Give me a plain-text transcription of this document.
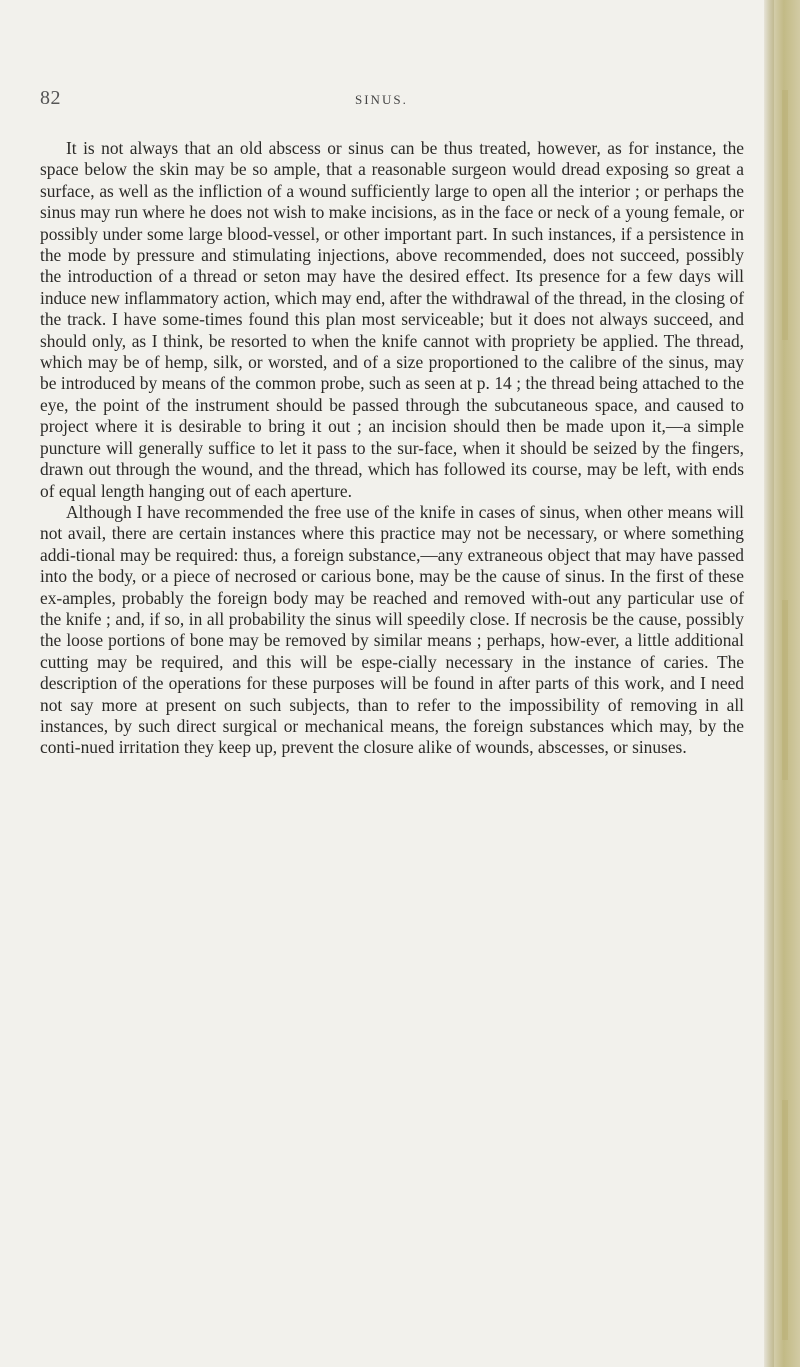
82	SINUS.

It is not always that an old abscess or sinus can be thus treated, however, as for instance, the space below the skin may be so ample, that a reasonable surgeon would dread exposing so great a surface, as well as the infliction of a wound sufficiently large to open all the interior ; or perhaps the sinus may run where he does not wish to make incisions, as in the face or neck of a young female, or possibly under some large blood-vessel, or other important part. In such instances, if a persistence in the mode by pressure and stimulating injections, above recommended, does not succeed, possibly the introduction of a thread or seton may have the desired effect. Its presence for a few days will induce new inflammatory action, which may end, after the withdrawal of the thread, in the closing of the track. I have some-times found this plan most serviceable; but it does not always succeed, and should only, as I think, be resorted to when the knife cannot with propriety be applied. The thread, which may be of hemp, silk, or worsted, and of a size proportioned to the calibre of the sinus, may be introduced by means of the common probe, such as seen at p. 14 ; the thread being attached to the eye, the point of the instrument should be passed through the subcutaneous space, and caused to project where it is desirable to bring it out ; an incision should then be made upon it,—a simple puncture will generally suffice to let it pass to the sur-face, when it should be seized by the fingers, drawn out through the wound, and the thread, which has followed its course, may be left, with ends of equal length hanging out of each aperture.

Although I have recommended the free use of the knife in cases of sinus, when other means will not avail, there are certain instances where this practice may not be necessary, or where something addi-tional may be required: thus, a foreign substance,—any extraneous object that may have passed into the body, or a piece of necrosed or carious bone, may be the cause of sinus. In the first of these ex-amples, probably the foreign body may be reached and removed with-out any particular use of the knife ; and, if so, in all probability the sinus will speedily close. If necrosis be the cause, possibly the loose portions of bone may be removed by similar means ; perhaps, how-ever, a little additional cutting may be required, and this will be espe-cially necessary in the instance of caries. The description of the operations for these purposes will be found in after parts of this work, and I need not say more at present on such subjects, than to refer to the impossibility of removing in all instances, by such direct surgical or mechanical means, the foreign substances which may, by the conti-nued irritation they keep up, prevent the closure alike of wounds, abscesses, or sinuses.
